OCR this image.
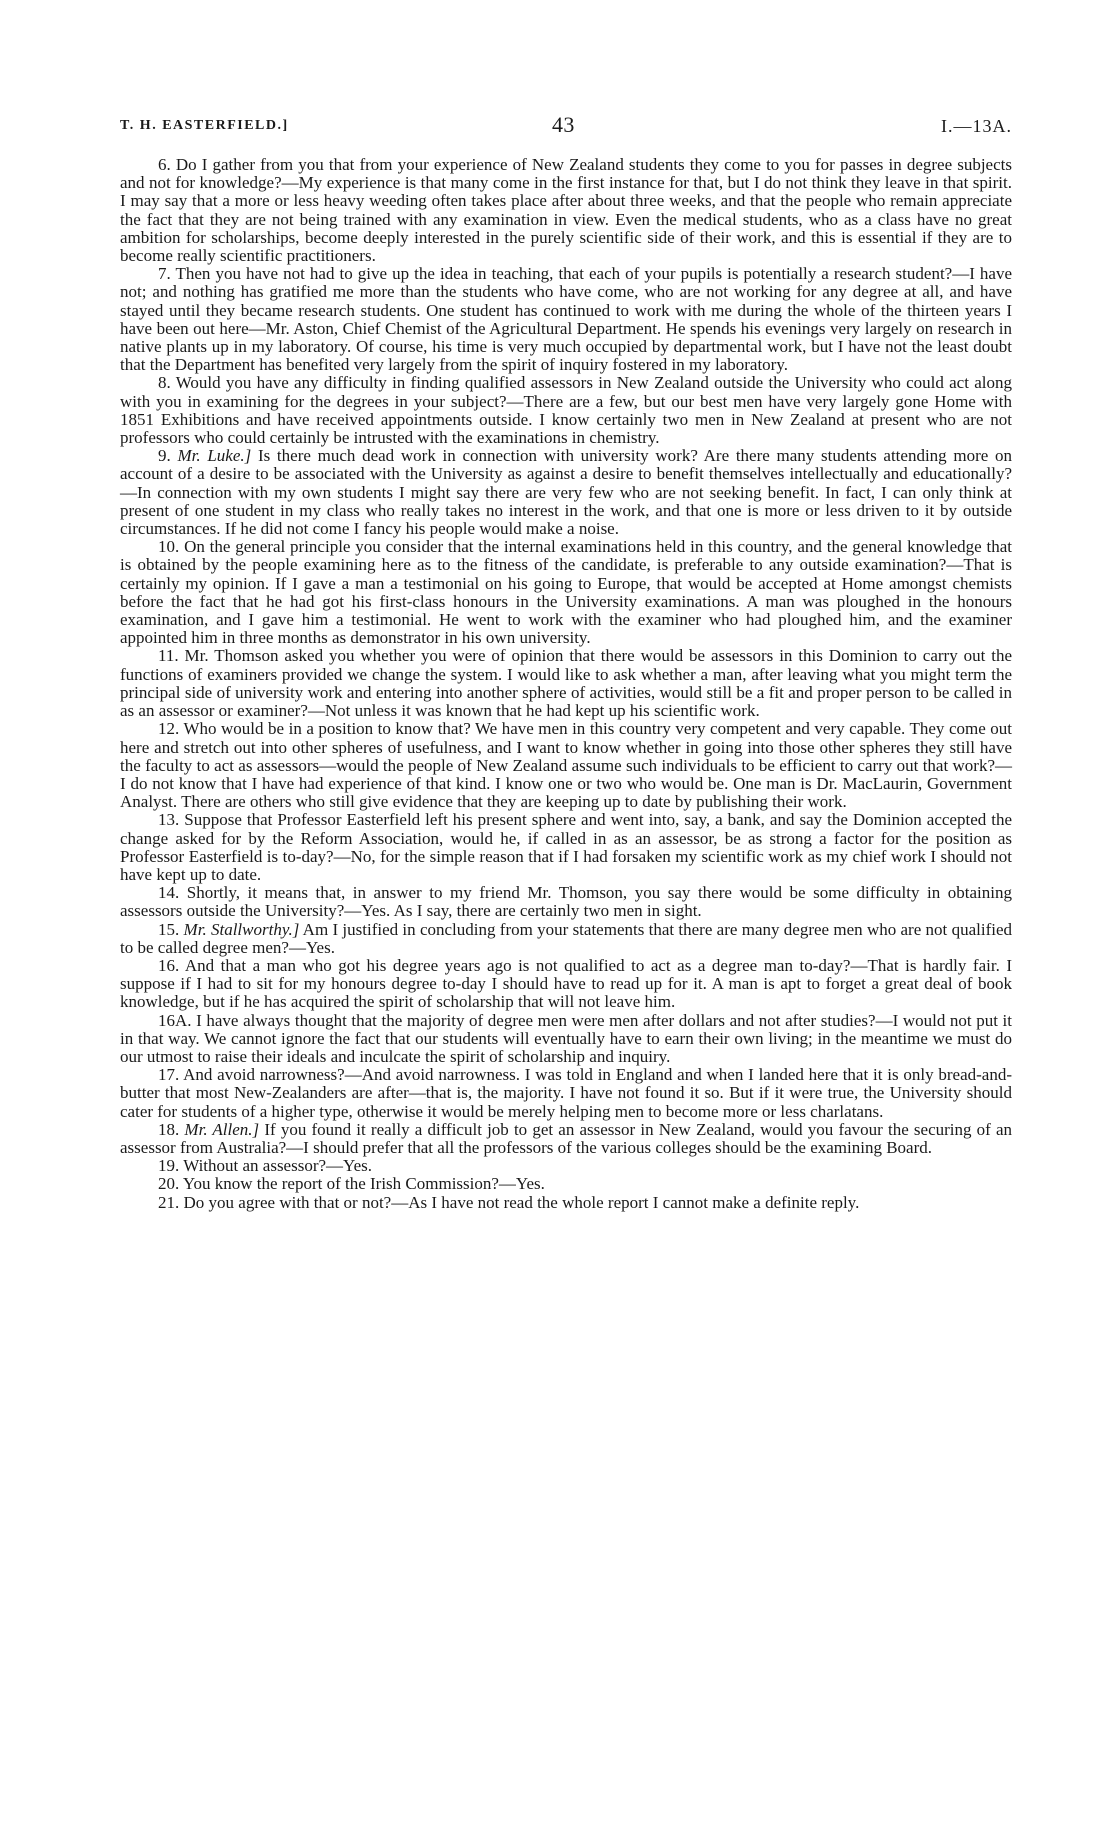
T. H. EASTERFIELD.]	43	I.—13A.

6. Do I gather from you that from your experience of New Zealand students they come to you for passes in degree subjects and not for knowledge?—My experience is that many come in the first instance for that, but I do not think they leave in that spirit. I may say that a more or less heavy weeding often takes place after about three weeks, and that the people who remain appreciate the fact that they are not being trained with any examination in view. Even the medical students, who as a class have no great ambition for scholarships, become deeply interested in the purely scientific side of their work, and this is essential if they are to become really scientific practitioners.

7. Then you have not had to give up the idea in teaching, that each of your pupils is potentially a research student?—I have not; and nothing has gratified me more than the students who have come, who are not working for any degree at all, and have stayed until they became research students. One student has continued to work with me during the whole of the thirteen years I have been out here—Mr. Aston, Chief Chemist of the Agricultural Department. He spends his evenings very largely on research in native plants up in my laboratory. Of course, his time is very much occupied by departmental work, but I have not the least doubt that the Department has benefited very largely from the spirit of inquiry fostered in my laboratory.

8. Would you have any difficulty in finding qualified assessors in New Zealand outside the University who could act along with you in examining for the degrees in your subject?—There are a few, but our best men have very largely gone Home with 1851 Exhibitions and have received appointments outside. I know certainly two men in New Zealand at present who are not professors who could certainly be intrusted with the examinations in chemistry.

9. Mr. Luke.] Is there much dead work in connection with university work? Are there many students attending more on account of a desire to be associated with the University as against a desire to benefit themselves intellectually and educationally?—In connection with my own students I might say there are very few who are not seeking benefit. In fact, I can only think at present of one student in my class who really takes no interest in the work, and that one is more or less driven to it by outside circumstances. If he did not come I fancy his people would make a noise.

10. On the general principle you consider that the internal examinations held in this country, and the general knowledge that is obtained by the people examining here as to the fitness of the candidate, is preferable to any outside examination?—That is certainly my opinion. If I gave a man a testimonial on his going to Europe, that would be accepted at Home amongst chemists before the fact that he had got his first-class honours in the University examinations. A man was ploughed in the honours examination, and I gave him a testimonial. He went to work with the examiner who had ploughed him, and the examiner appointed him in three months as demonstrator in his own university.

11. Mr. Thomson asked you whether you were of opinion that there would be assessors in this Dominion to carry out the functions of examiners provided we change the system. I would like to ask whether a man, after leaving what you might term the principal side of university work and entering into another sphere of activities, would still be a fit and proper person to be called in as an assessor or examiner?—Not unless it was known that he had kept up his scientific work.

12. Who would be in a position to know that? We have men in this country very competent and very capable. They come out here and stretch out into other spheres of usefulness, and I want to know whether in going into those other spheres they still have the faculty to act as assessors—would the people of New Zealand assume such individuals to be efficient to carry out that work?—I do not know that I have had experience of that kind. I know one or two who would be. One man is Dr. MacLaurin, Government Analyst. There are others who still give evidence that they are keeping up to date by publishing their work.

13. Suppose that Professor Easterfield left his present sphere and went into, say, a bank, and say the Dominion accepted the change asked for by the Reform Association, would he, if called in as an assessor, be as strong a factor for the position as Professor Easterfield is to-day?—No, for the simple reason that if I had forsaken my scientific work as my chief work I should not have kept up to date.

14. Shortly, it means that, in answer to my friend Mr. Thomson, you say there would be some difficulty in obtaining assessors outside the University?—Yes. As I say, there are certainly two men in sight.

15. Mr. Stallworthy.] Am I justified in concluding from your statements that there are many degree men who are not qualified to be called degree men?—Yes.

16. And that a man who got his degree years ago is not qualified to act as a degree man to-day?—That is hardly fair. I suppose if I had to sit for my honours degree to-day I should have to read up for it. A man is apt to forget a great deal of book knowledge, but if he has acquired the spirit of scholarship that will not leave him.

16A. I have always thought that the majority of degree men were men after dollars and not after studies?—I would not put it in that way. We cannot ignore the fact that our students will eventually have to earn their own living; in the meantime we must do our utmost to raise their ideals and inculcate the spirit of scholarship and inquiry.

17. And avoid narrowness?—And avoid narrowness. I was told in England and when I landed here that it is only bread-and-butter that most New-Zealanders are after—that is, the majority. I have not found it so. But if it were true, the University should cater for students of a higher type, otherwise it would be merely helping men to become more or less charlatans.

18. Mr. Allen.] If you found it really a difficult job to get an assessor in New Zealand, would you favour the securing of an assessor from Australia?—I should prefer that all the professors of the various colleges should be the examining Board.

19. Without an assessor?—Yes.

20. You know the report of the Irish Commission?—Yes.

21. Do you agree with that or not?—As I have not read the whole report I cannot make a definite reply.
